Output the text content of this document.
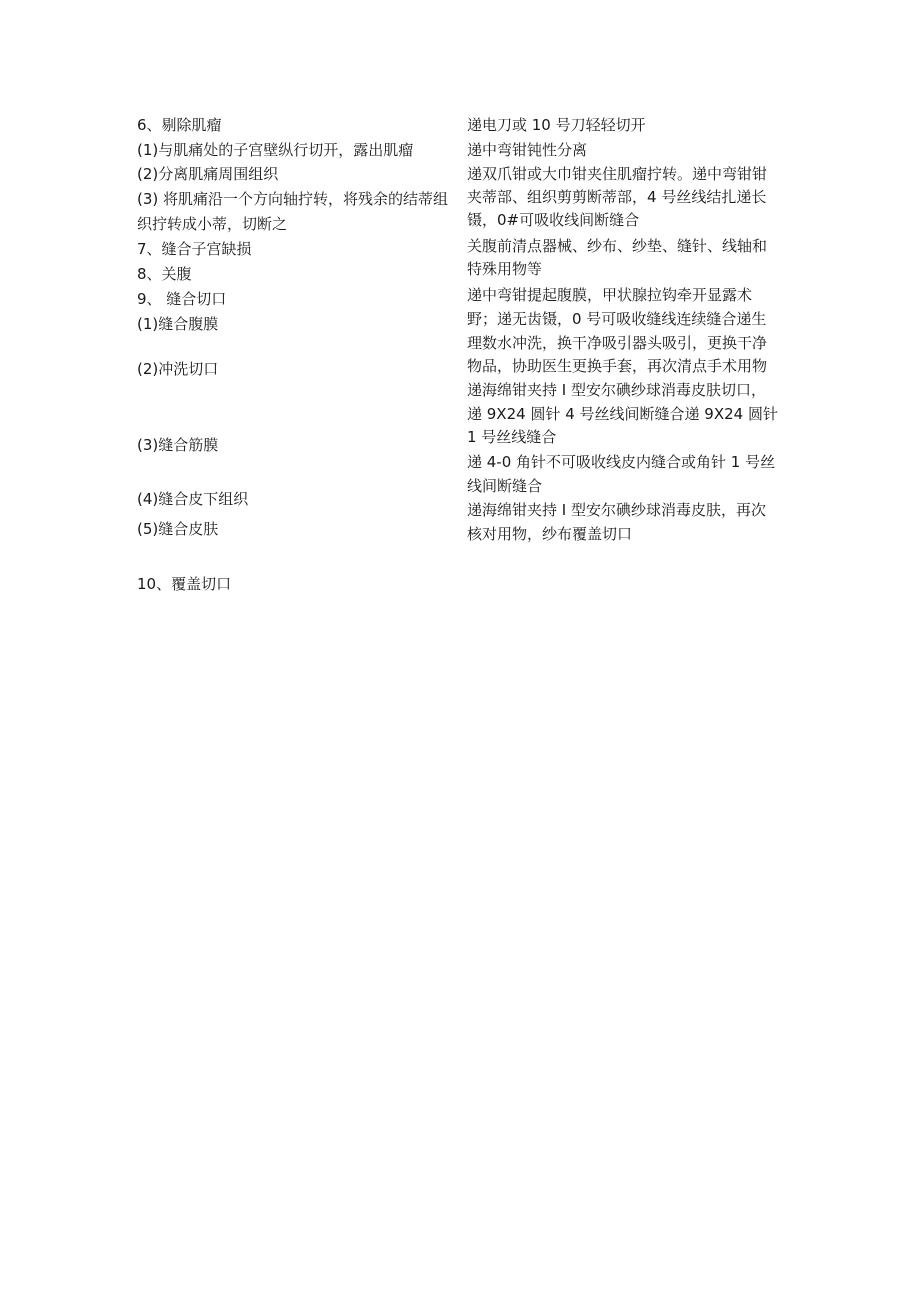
6、剔除肌瘤
(1)与肌痛处的子宫壁纵行切开，露出肌瘤
(2)分离肌痛周围组织
(3) 将肌痛沿一个方向轴拧转，将残余的结蒂组
织拧转成小蒂，切断之
7、缝合子宫缺损
8、关腹
9、 缝合切口
(1)缝合腹膜
(2)冲洗切口
(3)缝合筋膜
(4)缝合皮下组织
(5)缝合皮肤
10、覆盖切口
递电刀或 10 号刀轻轻切开
递中弯钳钝性分离
递双爪钳或大巾钳夹住肌瘤拧转。递中弯钳钳
夹蒂部、组织剪剪断蒂部，4 号丝线结扎递长
镊，0#可吸收线间断缝合
关腹前清点器械、纱布、纱垫、缝针、线轴和
特殊用物等
递中弯钳提起腹膜，甲状腺拉钩牵开显露术
野；递无齿镊，0 号可吸收缝线连续缝合递生
理数水冲洗，换干净吸引器头吸引，更换干净
物品，协助医生更换手套，再次清点手术用物
递海绵钳夹持 I 型安尔碘纱球消毒皮肤切口，
递 9X24 圆针 4 号丝线间断缝合递 9X24 圆针
1 号丝线缝合
递 4-0 角针不可吸收线皮内缝合或角针 1 号丝
线间断缝合
递海绵钳夹持 I 型安尔碘纱球消毒皮肤，再次
核对用物，纱布覆盖切口
